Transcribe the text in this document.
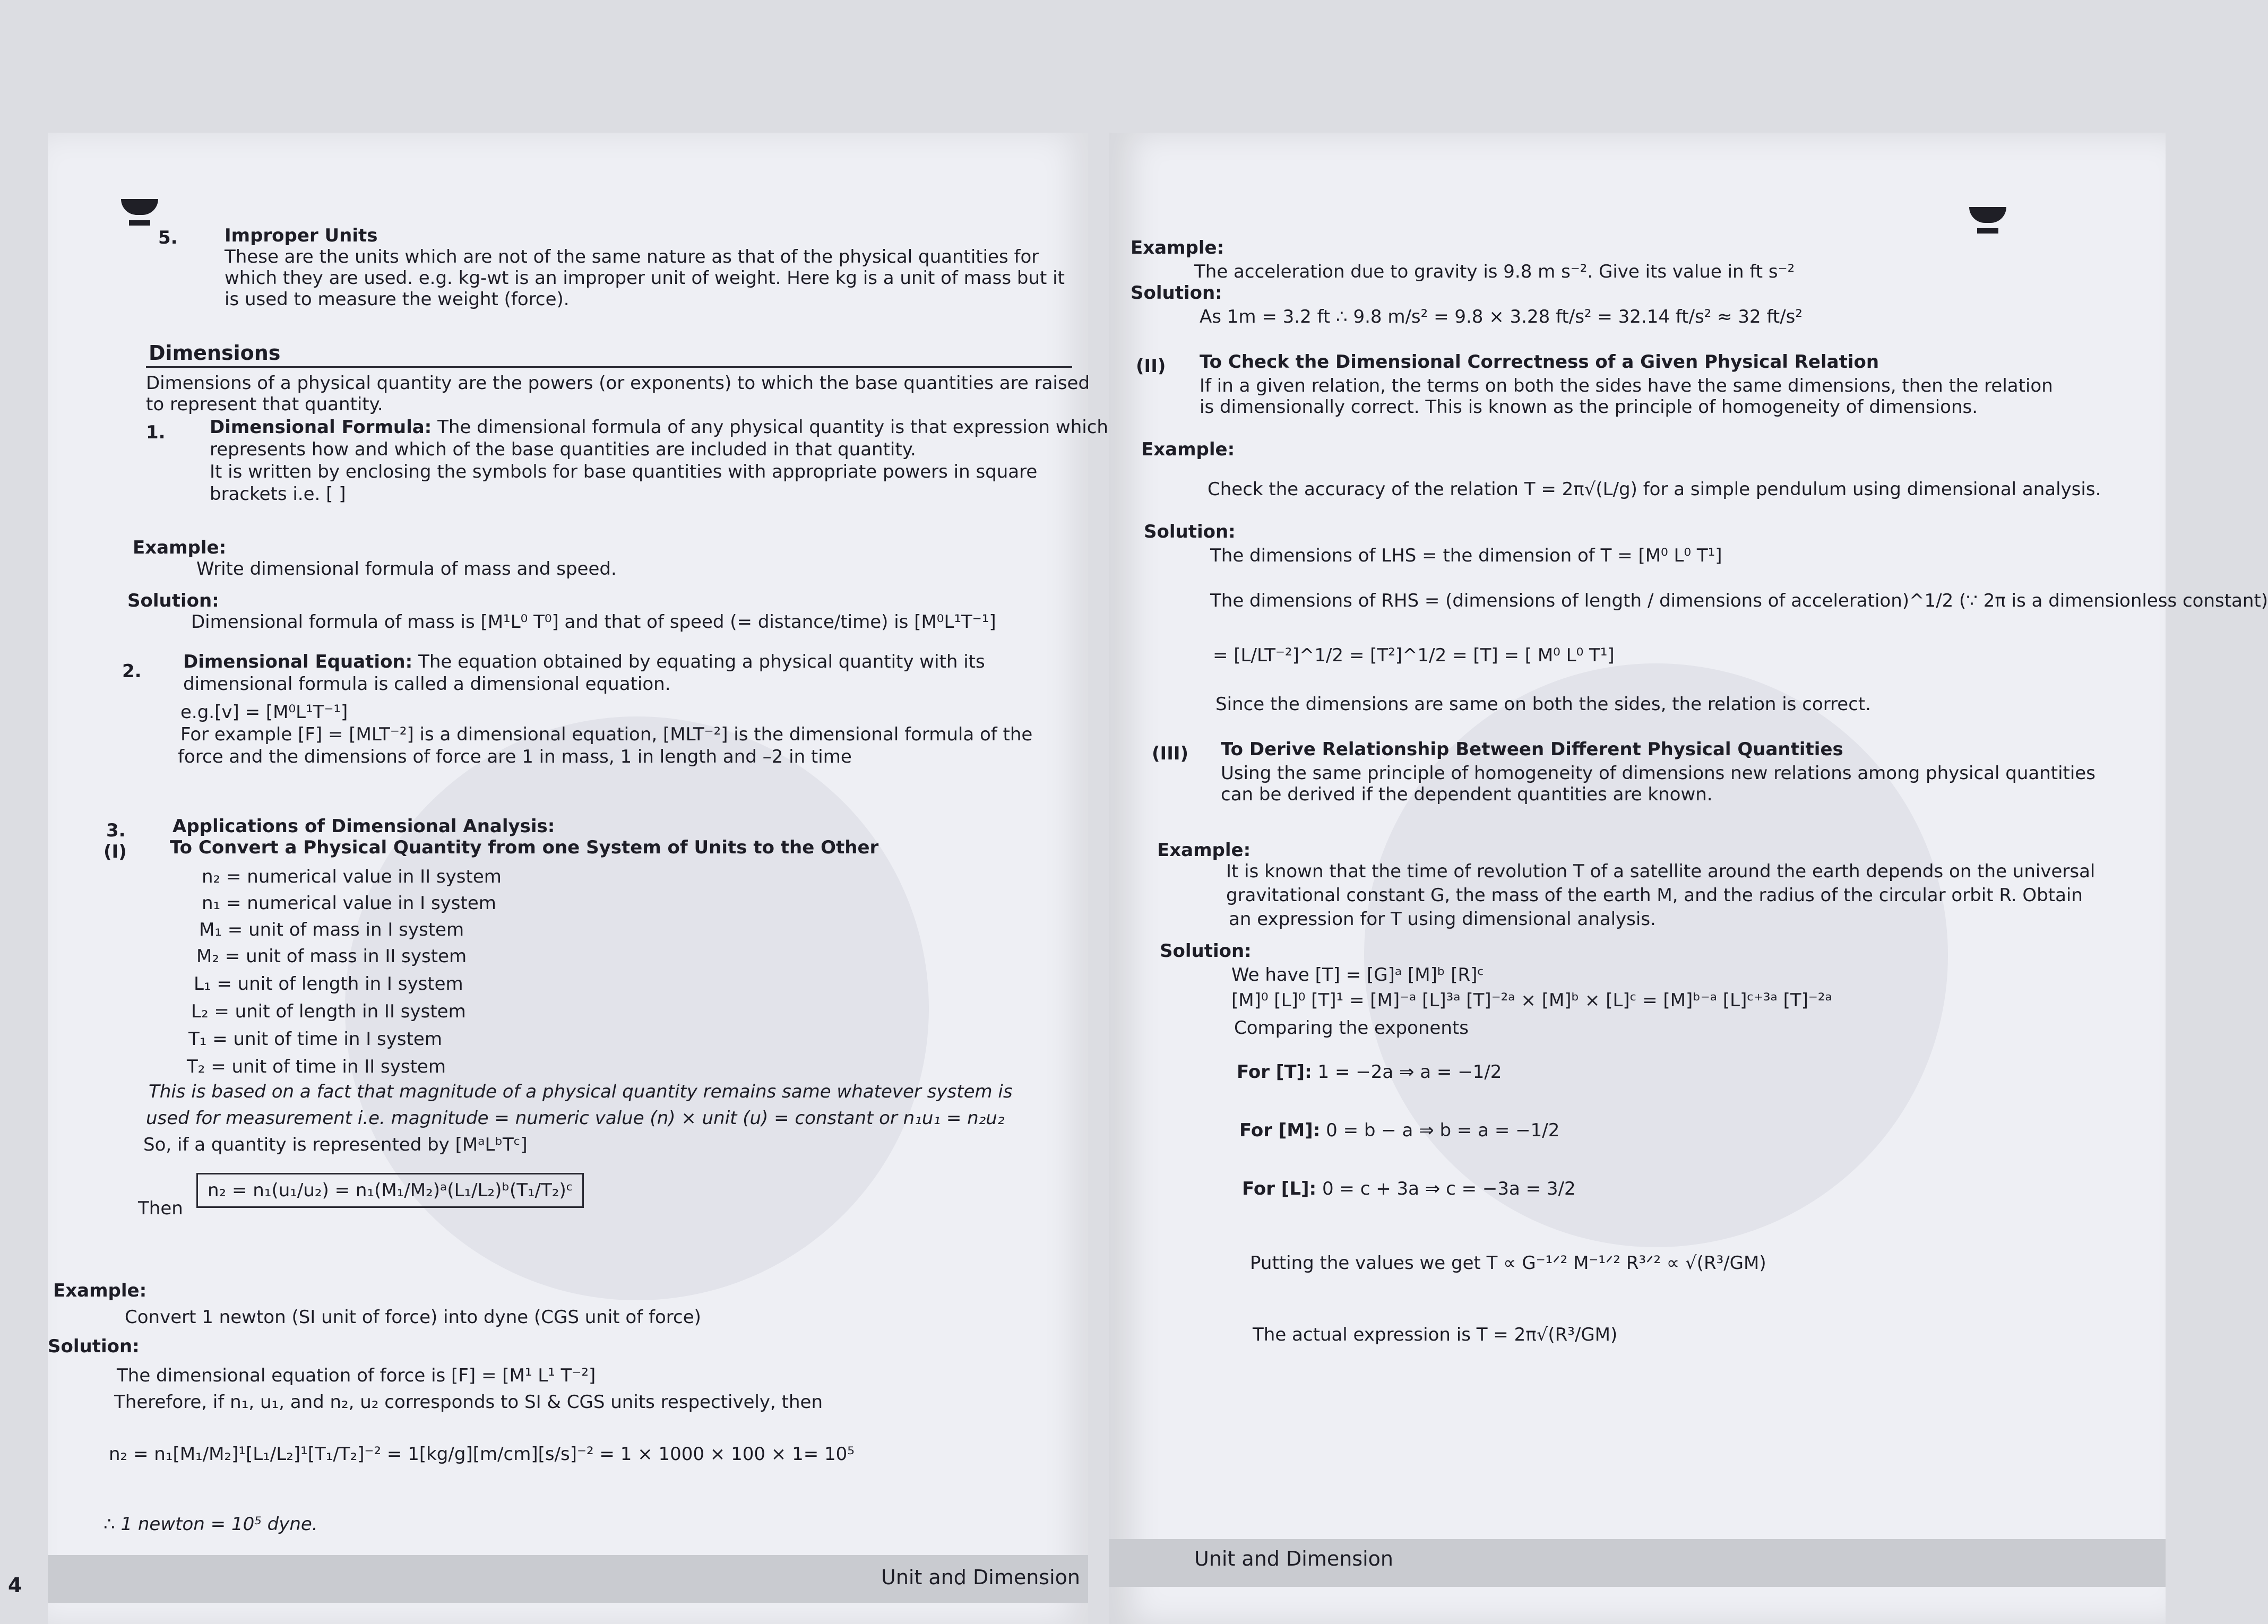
5.	Improper Units
These are the units which are not of the same nature as that of the physical quantities for
which they are used. e.g. kg-wt is an improper unit of weight. Here kg is a unit of mass but it
is used to measure the weight (force).
Dimensions
Dimensions of a physical quantity are the powers (or exponents) to which the base quantities are raised
to represent that quantity.
1. Dimensional Formula: The dimensional formula of any physical quantity is that expression which
represents how and which of the base quantities are included in that quantity.
It is written by enclosing the symbols for base quantities with appropriate powers in square
brackets i.e. [ ]
Example:
Write dimensional formula of mass and speed.
Solution:
Dimensional formula of mass is [M¹L⁰ T⁰] and that of speed (= distance/time) is [M⁰L¹T⁻¹]
2. Dimensional Equation: The equation obtained by equating a physical quantity with its
dimensional formula is called a dimensional equation.
e.g.[v] = [M⁰L¹T⁻¹]
For example [F] = [MLT⁻²] is a dimensional equation, [MLT⁻²] is the dimensional formula of the
force and the dimensions of force are 1 in mass, 1 in length and –2 in time
3.	Applications of Dimensional Analysis:
(I) To Convert a Physical Quantity from one System of Units to the Other
n₂ = numerical value in II system
n₁ = numerical value in I system
M₁ = unit of mass in I system
M₂ = unit of mass in II system
L₁ = unit of length in I system
L₂ = unit of length in II system
T₁ = unit of time in I system
T₂ = unit of time in II system
This is based on a fact that magnitude of a physical quantity remains same whatever system is
used for measurement i.e. magnitude = numeric value (n) × unit (u) = constant or n₁u₁ = n₂u₂
So, if a quantity is represented by [MᵃLᵇTᶜ]
Then
n₂ = n₁(u₁/u₂) = n₁(M₁/M₂)ᵃ(L₁/L₂)ᵇ(T₁/T₂)ᶜ
Example:
Convert 1 newton (SI unit of force) into dyne (CGS unit of force)
Solution:
The dimensional equation of force is [F] = [M¹ L¹ T⁻²]
Therefore, if n₁, u₁, and n₂, u₂ corresponds to SI & CGS units respectively, then
n₂ = n₁[M₁/M₂]¹[L₁/L₂]¹[T₁/T₂]⁻² = 1[kg/g][m/cm][s/s]⁻² = 1 × 1000 × 100 × 1= 10⁵
∴ 1 newton = 10⁵ dyne.
4	Unit and Dimension
Example:
The acceleration due to gravity is 9.8 m s⁻². Give its value in ft s⁻²
Solution:
As 1m = 3.2 ft ∴ 9.8 m/s² = 9.8 × 3.28 ft/s² = 32.14 ft/s² ≈ 32 ft/s²
(II) To Check the Dimensional Correctness of a Given Physical Relation
If in a given relation, the terms on both the sides have the same dimensions, then the relation
is dimensionally correct. This is known as the principle of homogeneity of dimensions.
Example:
Check the accuracy of the relation T = 2π√(L/g) for a simple pendulum using dimensional analysis.
Solution:
The dimensions of LHS = the dimension of T = [M⁰ L⁰ T¹]
The dimensions of RHS = (dimensions of length / dimensions of acceleration)^1/2 (∵ 2π is a dimensionless constant)
= [L/LT⁻²]^1/2 = [T²]^1/2 = [T] = [ M⁰ L⁰ T¹]
Since the dimensions are same on both the sides, the relation is correct.
(III) To Derive Relationship Between Different Physical Quantities
Using the same principle of homogeneity of dimensions new relations among physical quantities
can be derived if the dependent quantities are known.
Example:
It is known that the time of revolution T of a satellite around the earth depends on the universal
gravitational constant G, the mass of the earth M, and the radius of the circular orbit R. Obtain
an expression for T using dimensional analysis.
Solution:
We have [T] = [G]ᵃ [M]ᵇ [R]ᶜ
[M]⁰ [L]⁰ [T]¹ = [M]⁻ᵃ [L]³ᵃ [T]⁻²ᵃ × [M]ᵇ × [L]ᶜ = [M]ᵇ⁻ᵃ [L]ᶜ⁺³ᵃ [T]⁻²ᵃ
Comparing the exponents
For [T]: 1 = −2a ⇒ a = −1/2
For [M]: 0 = b − a ⇒ b = a = −1/2
For [L]: 0 = c + 3a ⇒ c = −3a = 3/2
Putting the values we get T ∝ G⁻¹ᐟ² M⁻¹ᐟ² R³ᐟ² ∝ √(R³/GM)
The actual expression is T = 2π√(R³/GM)
Unit and Dimension
